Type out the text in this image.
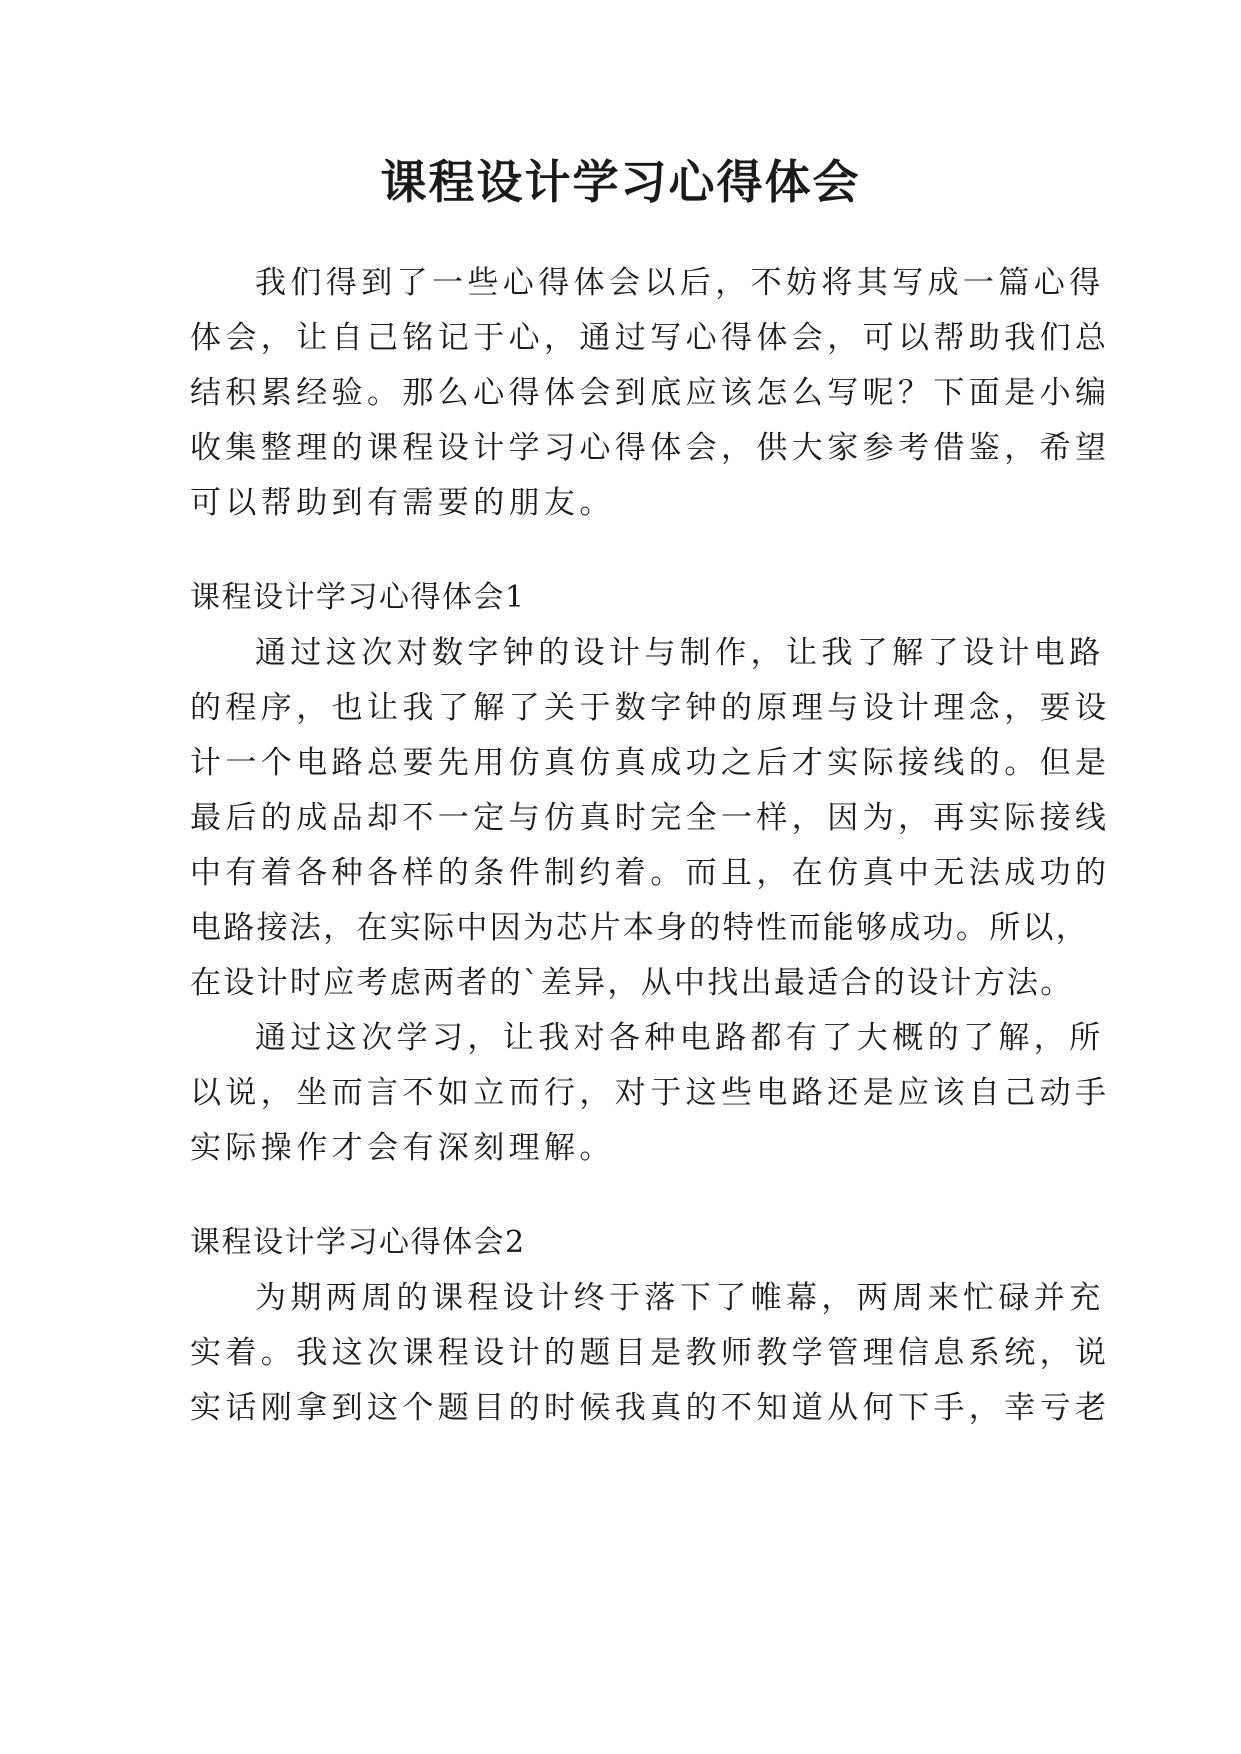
课程设计学习心得体会
我们得到了一些心得体会以后，不妨将其写成一篇心得
体会，让自己铭记于心，通过写心得体会，可以帮助我们总
结积累经验。那么心得体会到底应该怎么写呢？下面是小编
收集整理的课程设计学习心得体会，供大家参考借鉴，希望
可以帮助到有需要的朋友。
课程设计学习心得体会1
通过这次对数字钟的设计与制作，让我了解了设计电路
的程序，也让我了解了关于数字钟的原理与设计理念，要设
计一个电路总要先用仿真仿真成功之后才实际接线的。但是
最后的成品却不一定与仿真时完全一样，因为，再实际接线
中有着各种各样的条件制约着。而且，在仿真中无法成功的
电路接法，在实际中因为芯片本身的特性而能够成功。所以，
在设计时应考虑两者的`差异，从中找出最适合的设计方法。
通过这次学习，让我对各种电路都有了大概的了解，所
以说，坐而言不如立而行，对于这些电路还是应该自己动手
实际操作才会有深刻理解。
课程设计学习心得体会2
为期两周的课程设计终于落下了帷幕，两周来忙碌并充
实着。我这次课程设计的题目是教师教学管理信息系统，说
实话刚拿到这个题目的时候我真的不知道从何下手，幸亏老
